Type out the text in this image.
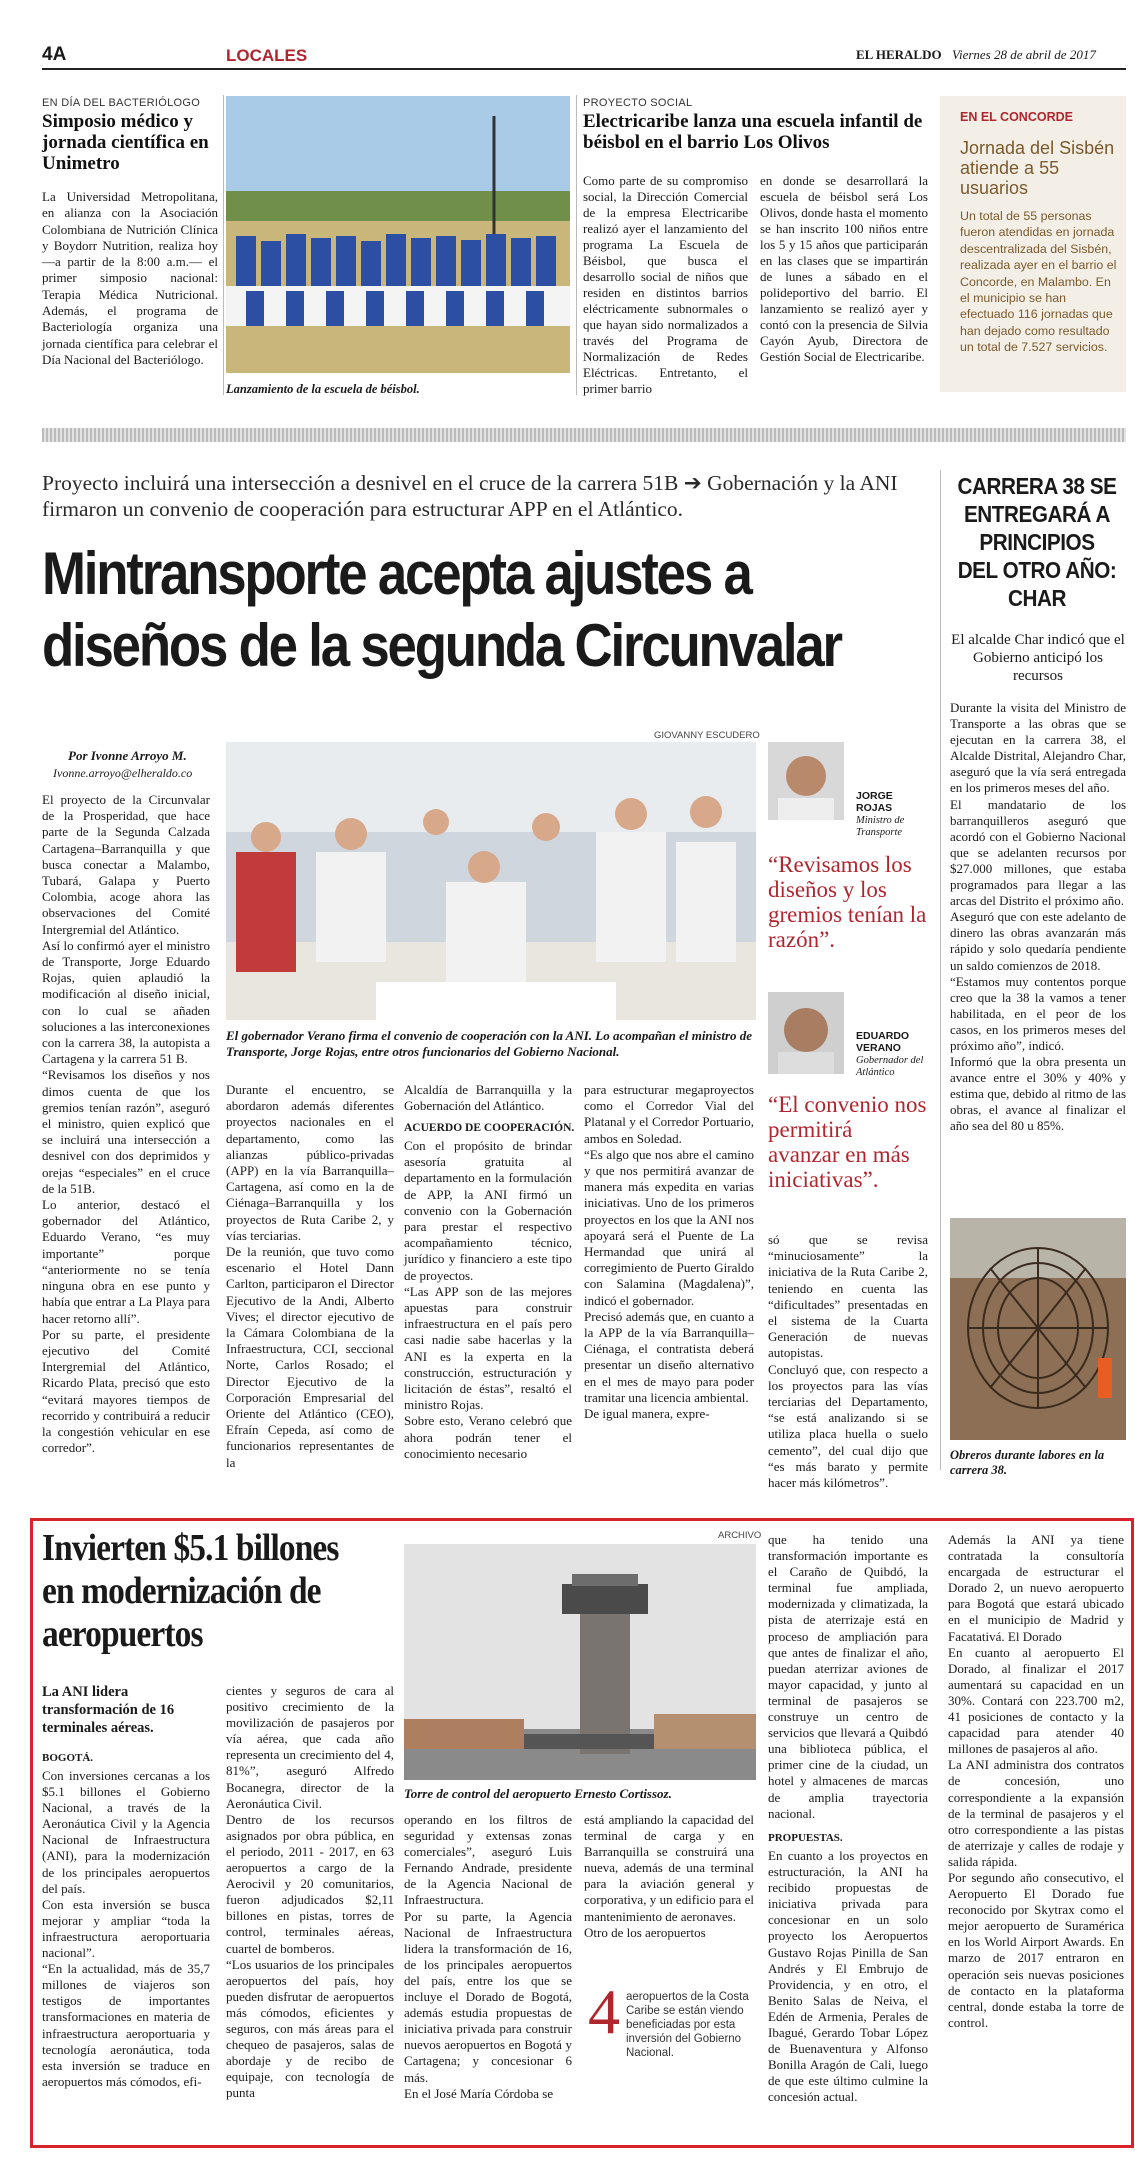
4A	LOCALES	EL HERALDO Viernes 28 de abril de 2017
EN DÍA DEL BACTERIÓLOGO
Simposio médico y jornada científica en Unimetro
La Universidad Metropolitana, en alianza con la Asociación Colombiana de Nutrición Clínica y Boydorr Nutrition, realiza hoy —a partir de la 8:00 a.m.— el primer simposio nacional: Terapia Médica Nutricional. Además, el programa de Bacteriología organiza una jornada científica para celebrar el Día Nacional del Bacteriólogo.
Lanzamiento de la escuela de béisbol.
PROYECTO SOCIAL
Electricaribe lanza una escuela infantil de béisbol en el barrio Los Olivos
Como parte de su compromiso social, la Dirección Comercial de la empresa Electricaribe realizó ayer el lanzamiento del programa La Escuela de Béisbol, que busca el desarrollo social de niños que residen en distintos barrios eléctricamente subnormales o que hayan sido normalizados a través del Programa de Normalización de Redes Eléctricas. Entretanto, el primer barrio
en donde se desarrollará la escuela de béisbol será Los Olivos, donde hasta el momento se han inscrito 100 niños entre los 5 y 15 años que participarán en las clases que se impartirán de lunes a sábado en el polideportivo del barrio. El lanzamiento se realizó ayer y contó con la presencia de Silvia Cayón Ayub, Directora de Gestión Social de Electricaribe.
EN EL CONCORDE
Jornada del Sisbén atiende a 55 usuarios
Un total de 55 personas fueron atendidas en jornada descentralizada del Sisbén, realizada ayer en el barrio el Concorde, en Malambo. En el municipio se han efectuado 116 jornadas que han dejado como resultado un total de 7.527 servicios.
Proyecto incluirá una intersección a desnivel en el cruce de la carrera 51B ➔ Gobernación y la ANI firmaron un convenio de cooperación para estructurar APP en el Atlántico.
Mintransporte acepta ajustes a diseños de la segunda Circunvalar
Por Ivonne Arroyo M.
Ivonne.arroyo@elheraldo.co
GIOVANNY ESCUDERO
El gobernador Verano firma el convenio de cooperación con la ANI. Lo acompañan el ministro de Transporte, Jorge Rojas, entre otros funcionarios del Gobierno Nacional.
JORGE ROJAS
Ministro de Transporte
“Revisamos los diseños y los gremios tenían la razón”.
EDUARDO VERANO
Gobernador del Atlántico
“El convenio nos permitirá avanzar en más iniciativas”.
El proyecto de la Circunvalar de la Prosperidad, que hace parte de la Segunda Calzada Cartagena–Barranquilla y que busca conectar a Malambo, Tubará, Galapa y Puerto Colombia, acoge ahora las observaciones del Comité Intergremial del Atlántico.
Así lo confirmó ayer el ministro de Transporte, Jorge Eduardo Rojas, quien aplaudió la modificación al diseño inicial, con lo cual se añaden soluciones a las interconexiones con la carrera 38, la autopista a Cartagena y la carrera 51 B.
“Revisamos los diseños y nos dimos cuenta de que los gremios tenían razón”, aseguró el ministro, quien explicó que se incluirá una intersección a desnivel con dos deprimidos y orejas “especiales” en el cruce de la 51B.
Lo anterior, destacó el gobernador del Atlántico, Eduardo Verano, “es muy importante” porque “anteriormente no se tenía ninguna obra en ese punto y había que entrar a La Playa para hacer retorno allí”.
Por su parte, el presidente ejecutivo del Comité Intergremial del Atlántico, Ricardo Plata, precisó que esto “evitará mayores tiempos de recorrido y contribuirá a reducir la congestión vehicular en ese corredor”.
Durante el encuentro, se abordaron además diferentes proyectos nacionales en el departamento, como las alianzas público-privadas (APP) en la vía Barranquilla–Cartagena, así como en la de Ciénaga–Barranquilla y los proyectos de Ruta Caribe 2, y vías terciarias.
De la reunión, que tuvo como escenario el Hotel Dann Carlton, participaron el Director Ejecutivo de la Andi, Alberto Vives; el director ejecutivo de la Cámara Colombiana de la Infraestructura, CCI, seccional Norte, Carlos Rosado; el Director Ejecutivo de la Corporación Empresarial del Oriente del Atlántico (CEO), Efraín Cepeda, así como de funcionarios representantes de la
Alcaldía de Barranquilla y la Gobernación del Atlántico.
ACUERDO DE COOPERACIÓN.
Con el propósito de brindar asesoría gratuita al departamento en la formulación de APP, la ANI firmó un convenio con la Gobernación para prestar el respectivo acompañamiento técnico, jurídico y financiero a este tipo de proyectos.
“Las APP son de las mejores apuestas para construir infraestructura en el país pero casi nadie sabe hacerlas y la ANI es la experta en la construcción, estructuración y licitación de éstas”, resaltó el ministro Rojas.
Sobre esto, Verano celebró que ahora podrán tener el conocimiento necesario
para estructurar megaproyectos como el Corredor Vial del Platanal y el Corredor Portuario, ambos en Soledad.
“Es algo que nos abre el camino y que nos permitirá avanzar de manera más expedita en varias iniciativas. Uno de los primeros proyectos en los que la ANI nos apoyará será el Puente de La Hermandad que unirá al corregimiento de Puerto Giraldo con Salamina (Magdalena)”, indicó el gobernador.
Precisó además que, en cuanto a la APP de la vía Barranquilla–Ciénaga, el contratista deberá presentar un diseño alternativo en el mes de mayo para poder tramitar una licencia ambiental.
De igual manera, expre-
só que se revisa “minuciosamente” la iniciativa de la Ruta Caribe 2, teniendo en cuenta las “dificultades” presentadas en el sistema de la Cuarta Generación de nuevas autopistas.
Concluyó que, con respecto a los proyectos para las vías terciarias del Departamento, “se está analizando si se utiliza placa huella o suelo cemento”, del cual dijo que “es más barato y permite hacer más kilómetros”.
CARRERA 38 SE ENTREGARÁ A PRINCIPIOS DEL OTRO AÑO: CHAR
El alcalde Char indicó que el Gobierno anticipó los recursos
Durante la visita del Ministro de Transporte a las obras que se ejecutan en la carrera 38, el Alcalde Distrital, Alejandro Char, aseguró que la vía será entregada en los primeros meses del año.
El mandatario de los barranquilleros aseguró que acordó con el Gobierno Nacional que se adelanten recursos por $27.000 millones, que estaba programados para llegar a las arcas del Distrito el próximo año.
Aseguró que con este adelanto de dinero las obras avanzarán más rápido y solo quedaría pendiente un saldo comienzos de 2018.
“Estamos muy contentos porque creo que la 38 la vamos a tener habilitada, en el peor de los casos, en los primeros meses del próximo año”, indicó.
Informó que la obra presenta un avance entre el 30% y 40% y estima que, debido al ritmo de las obras, el avance al finalizar el año sea del 80 u 85%.
Obreros durante labores en la carrera 38.
Invierten $5.1 billones en modernización de aeropuertos
La ANI lidera transformación de 16 terminales aéreas.
ARCHIVO
Torre de control del aeropuerto Ernesto Cortissoz.
BOGOTÁ.
Con inversiones cercanas a los $5.1 billones el Gobierno Nacional, a través de la Aeronáutica Civil y la Agencia Nacional de Infraestructura (ANI), para la modernización de los principales aeropuertos del país.
Con esta inversión se busca mejorar y ampliar “toda la infraestructura aeroportuaria nacional”.
“En la actualidad, más de 35,7 millones de viajeros son testigos de importantes transformaciones en materia de infraestructura aeroportuaria y tecnología aeronáutica, toda esta inversión se traduce en aeropuertos más cómodos, efi-
cientes y seguros de cara al positivo crecimiento de la movilización de pasajeros por vía aérea, que cada año representa un crecimiento del 4, 81%”, aseguró Alfredo Bocanegra, director de la Aeronáutica Civil.
Dentro de los recursos asignados por obra pública, en el periodo, 2011 - 2017, en 63 aeropuertos a cargo de la Aerocivil y 20 comunitarios, fueron adjudicados $2,11 billones en pistas, torres de control, terminales aéreas, cuartel de bomberos.
“Los usuarios de los principales aeropuertos del país, hoy pueden disfrutar de aeropuertos más cómodos, eficientes y seguros, con más áreas para el chequeo de pasajeros, salas de abordaje y de recibo de equipaje, con tecnología de punta
operando en los filtros de seguridad y extensas zonas comerciales”, aseguró Luis Fernando Andrade, presidente de la Agencia Nacional de Infraestructura.
Por su parte, la Agencia Nacional de Infraestructura lidera la transformación de 16, de los principales aeropuertos del país, entre los que se incluye el Dorado de Bogotá, además estudia propuestas de iniciativa privada para construir nuevos aeropuertos en Bogotá y Cartagena; y concesionar 6 más.
En el José María Córdoba se
está ampliando la capacidad del terminal de carga y en Barranquilla se construirá una nueva, además de una terminal para la aviación general y corporativa, y un edificio para el mantenimiento de aeronaves.
Otro de los aeropuertos
4 aeropuertos de la Costa Caribe se están viendo beneficiadas por esta inversión del Gobierno Nacional.
que ha tenido una transformación importante es el Caraño de Quibdó, la terminal fue ampliada, modernizada y climatizada, la pista de aterrizaje está en proceso de ampliación para que antes de finalizar el año, puedan aterrizar aviones de mayor capacidad, y junto al terminal de pasajeros se construye un centro de servicios que llevará a Quibdó una biblioteca pública, el primer cine de la ciudad, un hotel y almacenes de marcas de amplia trayectoria nacional.
PROPUESTAS.
En cuanto a los proyectos en estructuración, la ANI ha recibido propuestas de iniciativa privada para concesionar en un solo proyecto los Aeropuertos Gustavo Rojas Pinilla de San Andrés y El Embrujo de Providencia, y en otro, el Benito Salas de Neiva, el Edén de Armenia, Perales de Ibagué, Gerardo Tobar López de Buenaventura y Alfonso Bonilla Aragón de Cali, luego de que este último culmine la concesión actual.
Además la ANI ya tiene contratada la consultoría encargada de estructurar el Dorado 2, un nuevo aeropuerto para Bogotá que estará ubicado en el municipio de Madrid y Facatativá. El Dorado
En cuanto al aeropuerto El Dorado, al finalizar el 2017 aumentará su capacidad en un 30%. Contará con 223.700 m2, 41 posiciones de contacto y la capacidad para atender 40 millones de pasajeros al año.
La ANI administra dos contratos de concesión, uno correspondiente a la expansión de la terminal de pasajeros y el otro correspondiente a las pistas de aterrizaje y calles de rodaje y salida rápida.
Por segundo año consecutivo, el Aeropuerto El Dorado fue reconocido por Skytrax como el mejor aeropuerto de Suramérica en los World Airport Awards. En marzo de 2017 entraron en operación seis nuevas posiciones de contacto en la plataforma central, donde estaba la torre de control.
